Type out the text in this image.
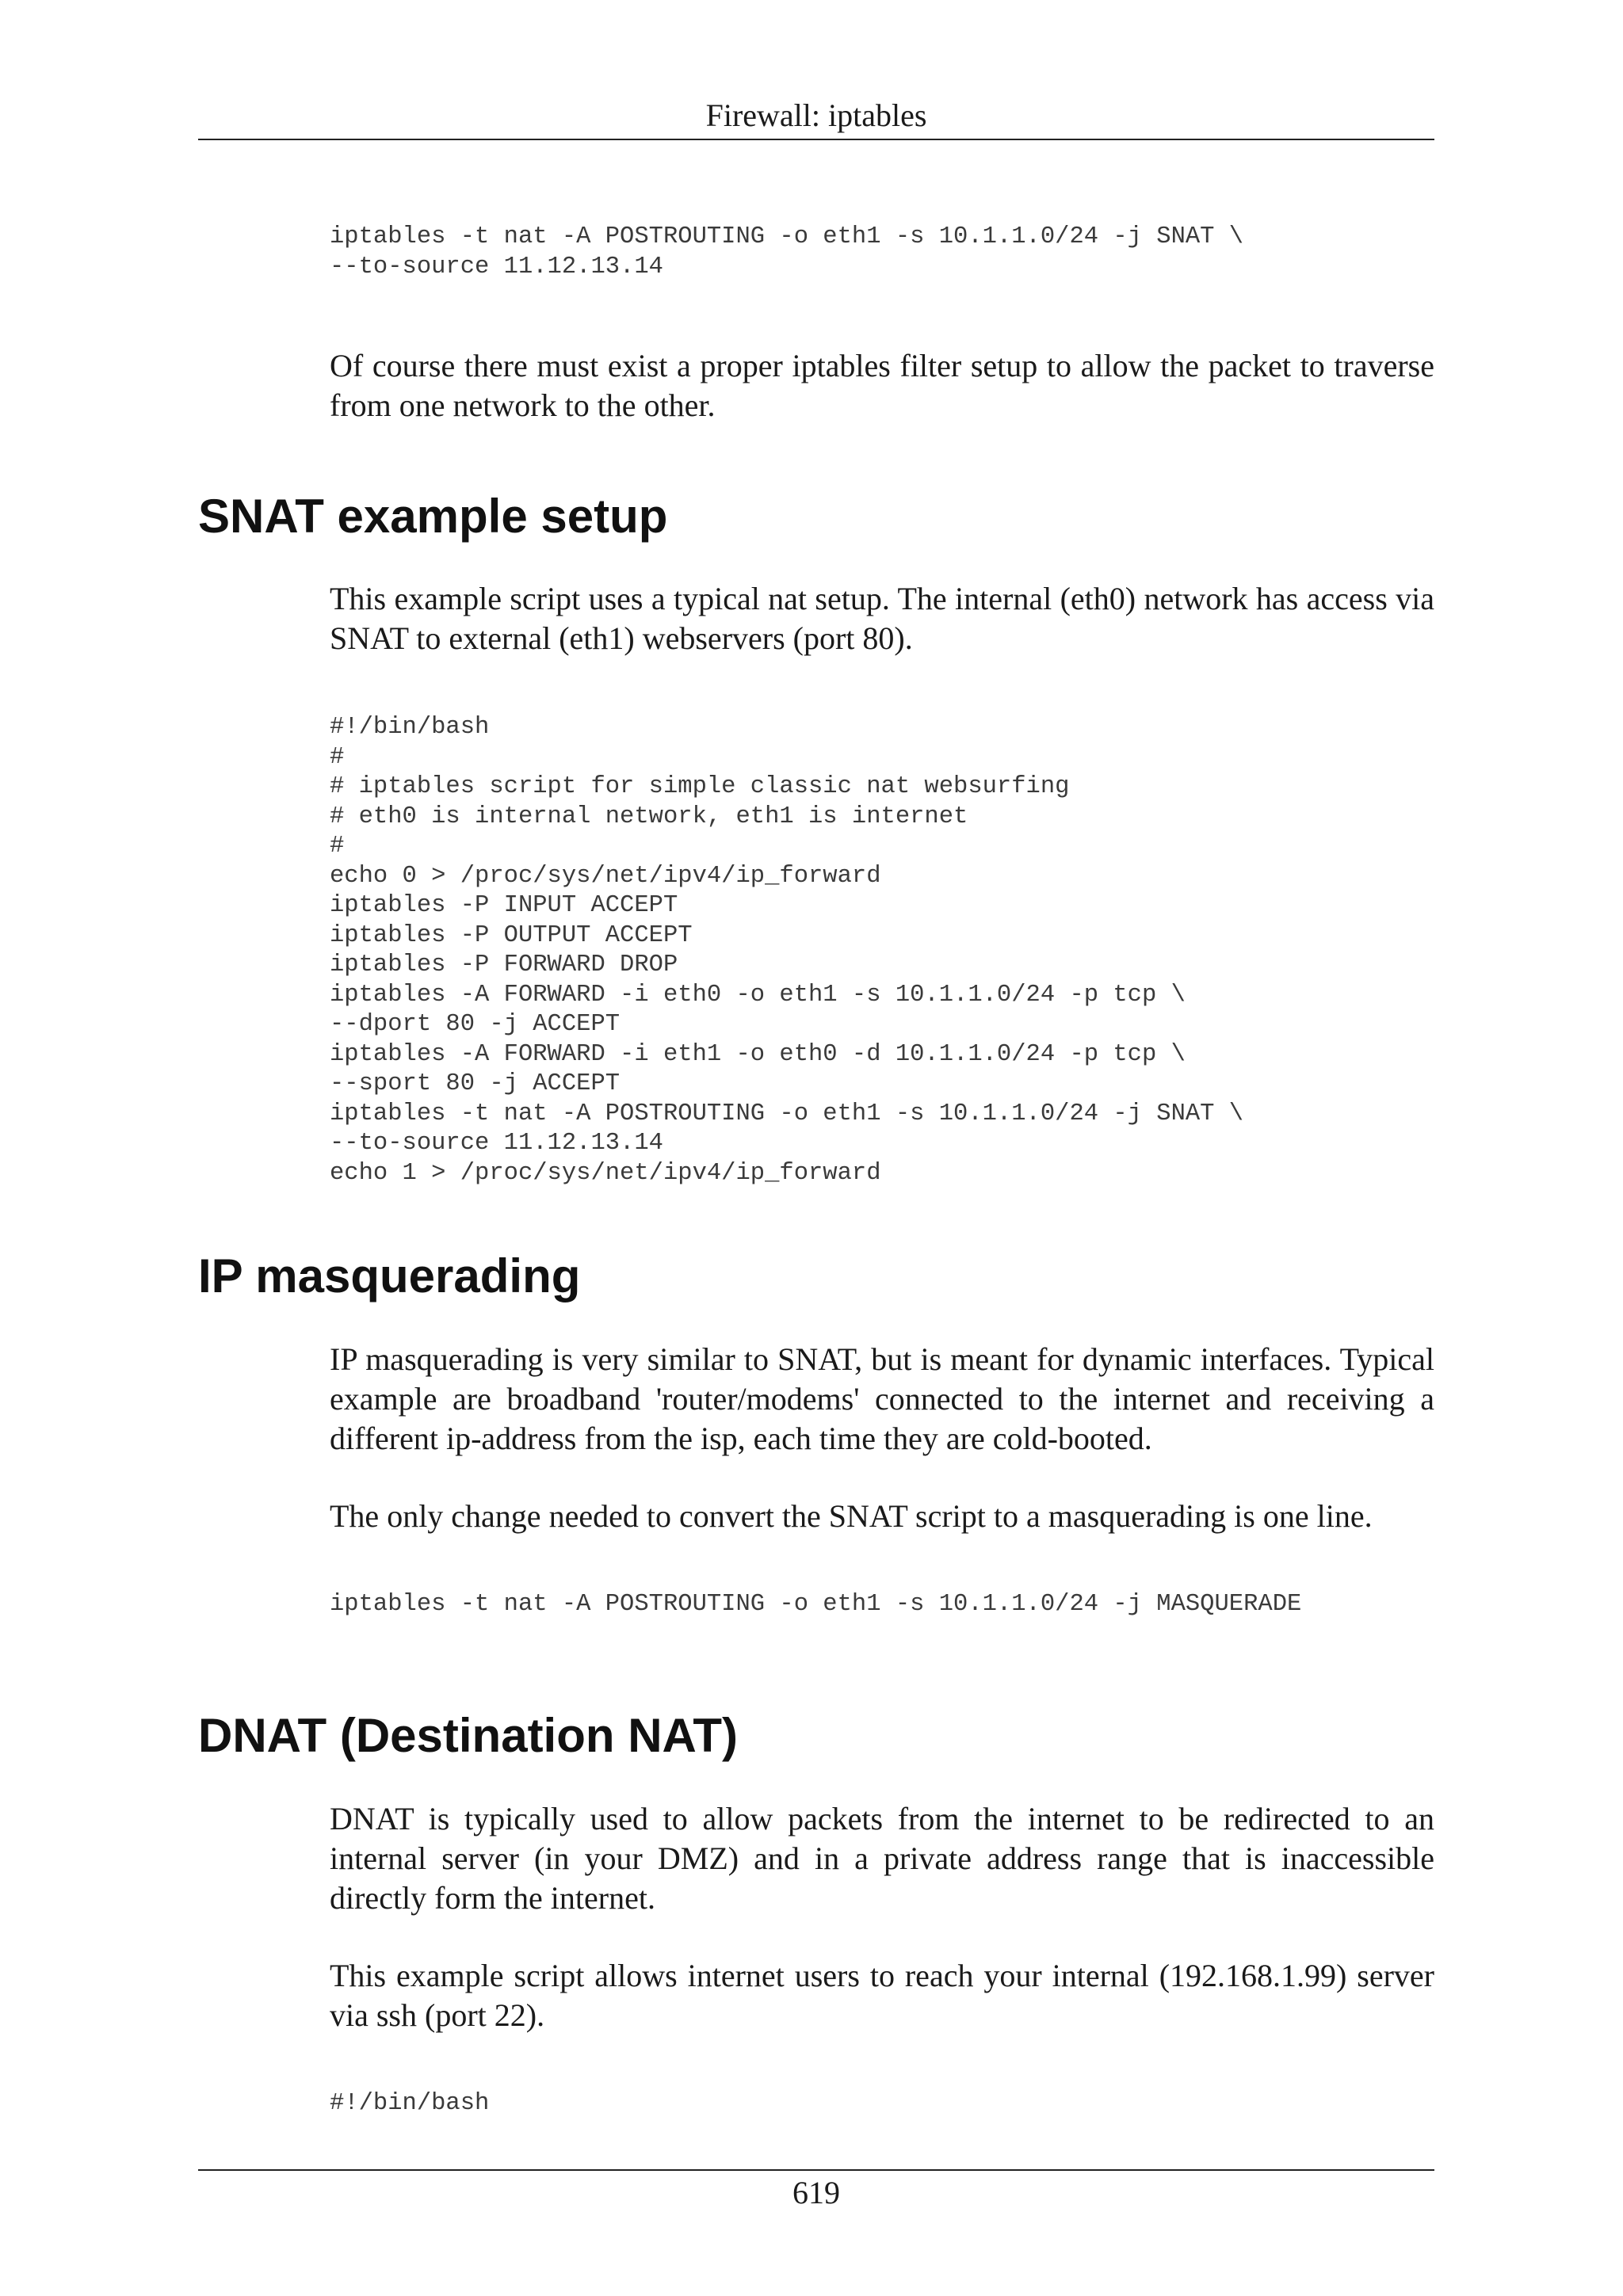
Firewall: iptables
iptables -t nat -A POSTROUTING -o eth1 -s 10.1.1.0/24 -j SNAT \
--to-source 11.12.13.14

Of course there must exist a proper iptables filter setup to allow the packet to traverse from one network to the other.

SNAT example setup

This example script uses a typical nat setup. The internal (eth0) network has access via SNAT to external (eth1) webservers (port 80).

#!/bin/bash
#
# iptables script for simple classic nat websurfing
# eth0 is internal network, eth1 is internet
#
echo 0 > /proc/sys/net/ipv4/ip_forward
iptables -P INPUT ACCEPT
iptables -P OUTPUT ACCEPT
iptables -P FORWARD DROP
iptables -A FORWARD -i eth0 -o eth1 -s 10.1.1.0/24 -p tcp \
--dport 80 -j ACCEPT
iptables -A FORWARD -i eth1 -o eth0 -d 10.1.1.0/24 -p tcp \
--sport 80 -j ACCEPT
iptables -t nat -A POSTROUTING -o eth1 -s 10.1.1.0/24 -j SNAT \
--to-source 11.12.13.14
echo 1 > /proc/sys/net/ipv4/ip_forward
IP masquerading

IP masquerading is very similar to SNAT, but is meant for dynamic interfaces. Typical example are broadband 'router/modems' connected to the internet and receiving a different ip-address from the isp, each time they are cold-booted.

The only change needed to convert the SNAT script to a masquerading is one line.

iptables -t nat -A POSTROUTING -o eth1 -s 10.1.1.0/24 -j MASQUERADE
DNAT (Destination NAT)

DNAT is typically used to allow packets from the internet to be redirected to an internal server (in your DMZ) and in a private address range that is inaccessible directly form the internet.

This example script allows internet users to reach your internal (192.168.1.99) server via ssh (port 22).

#!/bin/bash
619
